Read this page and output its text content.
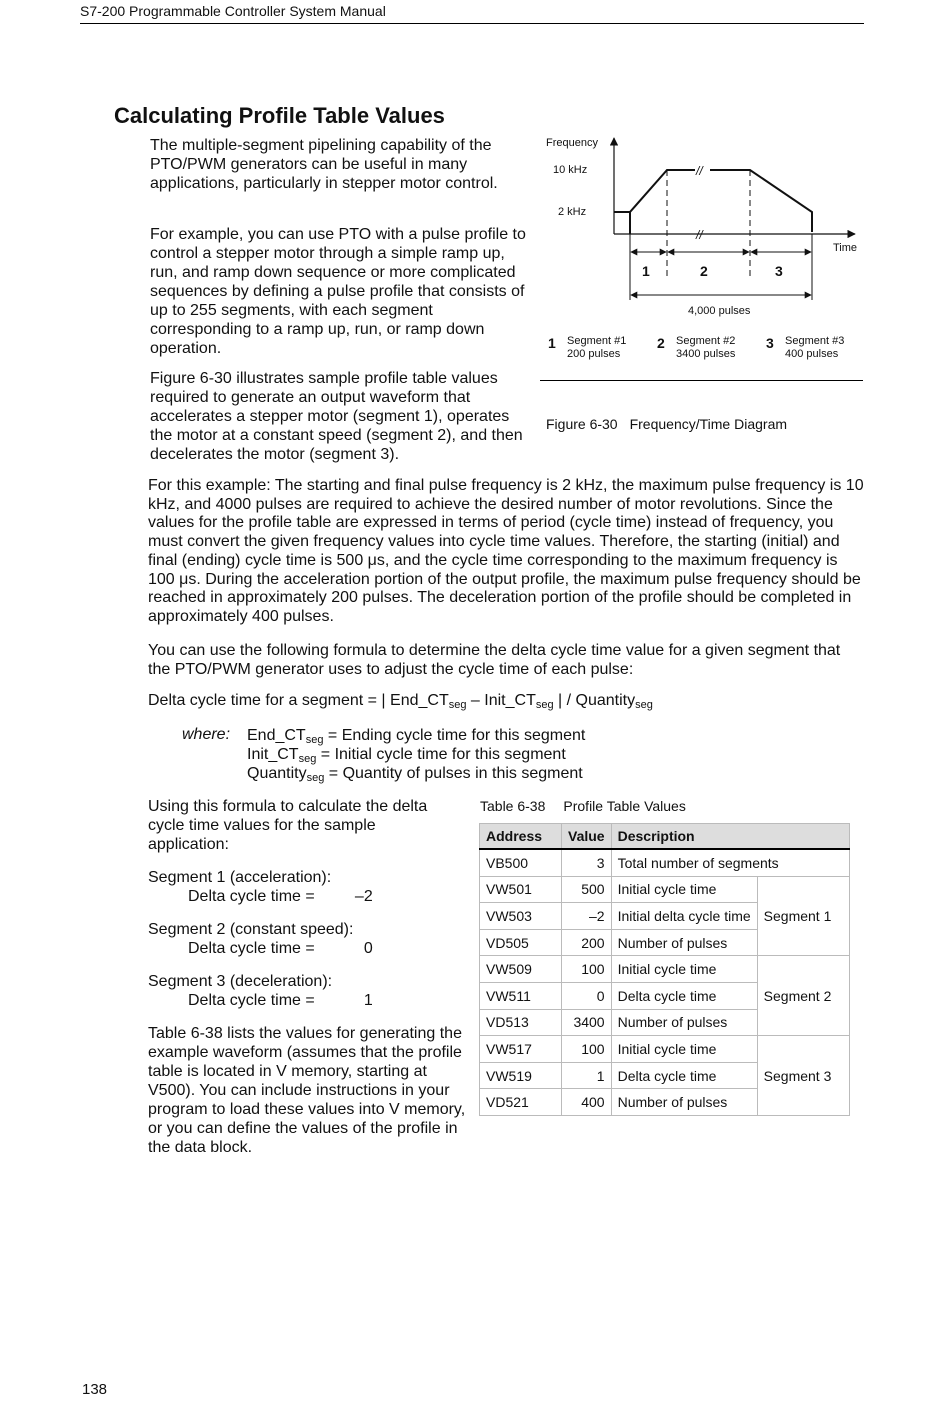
S7-200 Programmable Controller System Manual
Calculating Profile Table Values
The multiple-segment pipelining capability of the PTO/PWM generators can be useful in many applications, particularly in stepper motor control.
For example, you can use PTO with a pulse profile to control a stepper motor through a simple ramp up, run, and ramp down sequence or more complicated sequences by defining a pulse profile that consists of up to 255 segments, with each segment corresponding to a ramp up, run, or ramp down operation.
Figure 6-30 illustrates sample profile table values required to generate an output waveform that accelerates a stepper motor (segment 1), operates the motor at a constant speed (segment 2), and then decelerates the motor (segment 3).
Frequency
Time
10 kHz
2 kHz
//
//
1	2	3
4,000 pulses
1 Segment #1
200 pulses
2 Segment #2
3400 pulses
3 Segment #3
400 pulses
Figure 6-30 Frequency/Time Diagram
For this example: The starting and final pulse frequency is 2 kHz, the maximum pulse frequency is 10 kHz, and 4000 pulses are required to achieve the desired number of motor revolutions. Since the values for the profile table are expressed in terms of period (cycle time) instead of frequency, you must convert the given frequency values into cycle time values. Therefore, the starting (initial) and final (ending) cycle time is 500 μs, and the cycle time corresponding to the maximum frequency is 100 μs. During the acceleration portion of the output profile, the maximum pulse frequency should be reached in approximately 200 pulses. The deceleration portion of the profile should be completed in approximately 400 pulses.
You can use the following formula to determine the delta cycle time value for a given segment that the PTO/PWM generator uses to adjust the cycle time of each pulse:
Delta cycle time for a segment = | $End\_CT_{seg}$ – $Init\_CT_{seg}$ | / Quantity$_{seg}$
where: $End\_CT_{seg}$ = Ending cycle time for this segment
$Init\_CT_{seg}$ = Initial cycle time for this segment
Quantity$_{seg}$ = Quantity of pulses in this segment
Using this formula to calculate the delta cycle time values for the sample application:
Segment 1 (acceleration):
Delta cycle time =	–2
Segment 2 (constant speed):
Delta cycle time =	0
Segment 3 (deceleration):
Delta cycle time =	1
Table 6-38 lists the values for generating the example waveform (assumes that the profile table is located in V memory, starting at V500). You can include instructions in your program to load these values into V memory, or you can define the values of the profile in the data block.
Table 6-38 Profile Table Values
Address	Value	Description	
VB500	3	Total number of segments	
VW501	500	Initial cycle time	Segment 1
VW503	–2	Initial delta cycle time	
VD505	200	Number of pulses	
VW509	100	Initial cycle time	Segment 2
VW511	0	Delta cycle time	
VD513	3400	Number of pulses	
VW517	100	Initial cycle time	Segment 3
VW519	1	Delta cycle time	
VD521	400	Number of pulses	
138
